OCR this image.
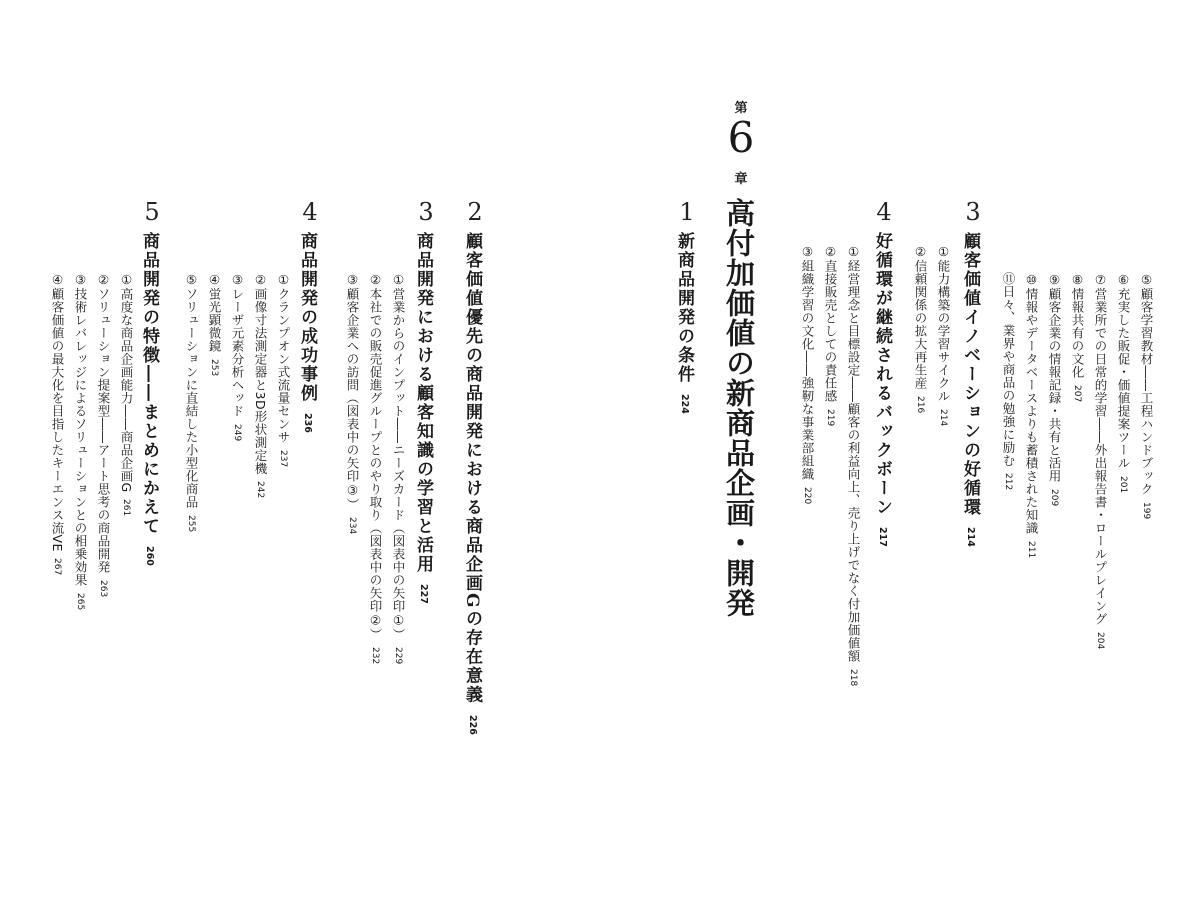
⑤顧客学習教材――工程ハンドブック199
⑥充実した販促・価値提案ツール201
⑦営業所での日常的学習――外出報告書・ロールプレイング204
⑧情報共有の文化207
⑨顧客企業の情報記録・共有と活用209
⑩情報やデータベースよりも蓄積された知識211
⑪日々、業界や商品の勉強に励む212
3
顧客価値イノベーションの好循環214
①能力構築の学習サイクル214
②信頼関係の拡大再生産216
4
好循環が継続されるバックボーン217
①経営理念と目標設定――顧客の利益向上、売り上げでなく付加価値額218
②直接販売としての責任感219
③組織学習の文化――強靭な事業部組織220
第
6
章
高付加価値の新商品企画・開発
1
新商品開発の条件224
2
顧客価値優先の商品開発における商品企画Gの存在意義226
3
商品開発における顧客知識の学習と活用227
①営業からのインプット――ニーズカード（図表中の矢印①）229
②本社での販売促進グループとのやり取り（図表中の矢印②）232
③顧客企業への訪問（図表中の矢印③）234
4
商品開発の成功事例236
①クランプオン式流量センサ237
②画像寸法測定器と3D形状測定機242
③レーザ元素分析ヘッド249
④蛍光顕微鏡253
⑤ソリューションに直結した小型化商品255
5
商品開発の特徴――まとめにかえて260
①高度な商品企画能力――商品企画G261
②ソリューション提案型――アート思考の商品開発263
③技術レバレッジによるソリューションとの相乗効果265
④顧客価値の最大化を目指したキーエンス流VE267
